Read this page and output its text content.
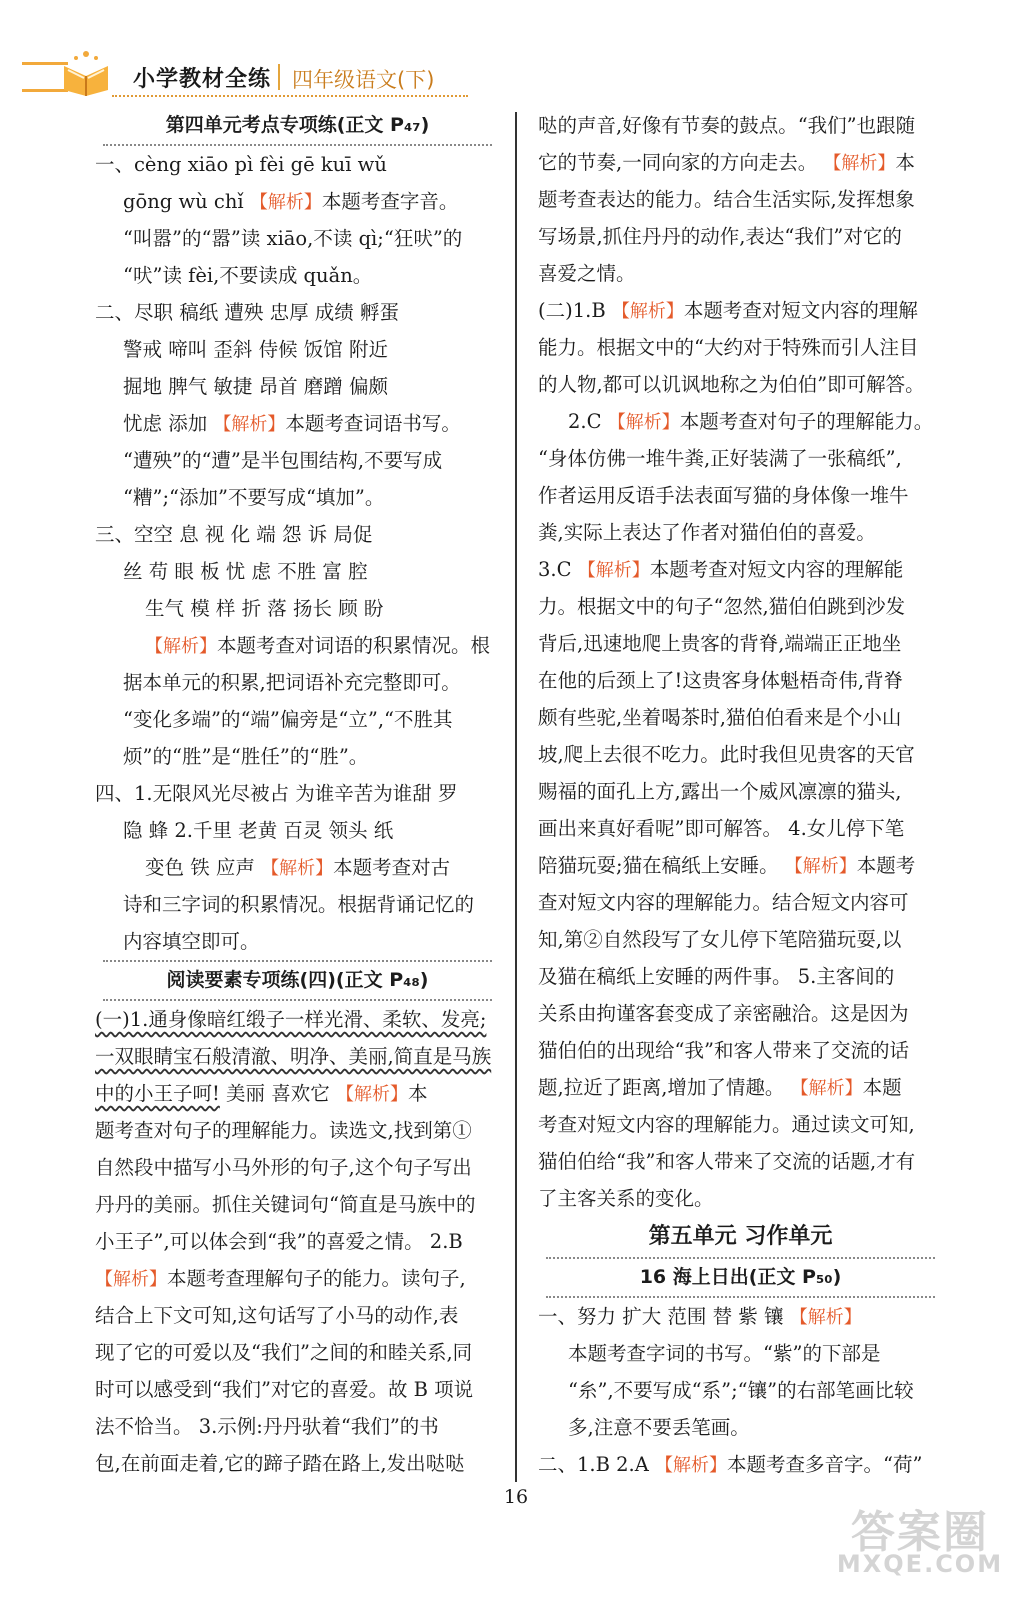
小学教材全练 四年级语文(下)
第四单元考点专项练(正文 P₄₇)
一、cèng xiāo pì fèi gē kuī wǔ
gōng wù chǐ 【解析】本题考查字音。
“叫嚣”的“嚣”读 xiāo,不读 qì;“狂吠”的
“吠”读 fèi,不要读成 quǎn。
二、尽职 稿纸 遭殃 忠厚 成绩 孵蛋
警戒 啼叫 歪斜 侍候 饭馆 附近
掘地 脾气 敏捷 昂首 磨蹭 偏颇
忧虑 添加 【解析】本题考查词语书写。
“遭殃”的“遭”是半包围结构,不要写成
“糟”;“添加”不要写成“填加”。
三、空空 息 视 化 端 怨 诉 局促
丝 苟 眼 板 忧 虑 不胜 富 腔
生气 模 样 折 落 扬长 顾 盼
【解析】本题考查对词语的积累情况。根
据本单元的积累,把词语补充完整即可。
“变化多端”的“端”偏旁是“立”,“不胜其
烦”的“胜”是“胜任”的“胜”。
四、1.无限风光尽被占 为谁辛苦为谁甜 罗
隐 蜂 2.千里 老黄 百灵 领头 纸
变色 铁 应声 【解析】本题考查对古
诗和三字词的积累情况。根据背诵记忆的
内容填空即可。
阅读要素专项练(四)(正文 P₄₈)
(一)1.通身像暗红缎子一样光滑、柔软、发亮;
一双眼睛宝石般清澈、明净、美丽,简直是马族
中的小王子呵! 美丽 喜欢它 【解析】本
题考查对句子的理解能力。读选文,找到第①
自然段中描写小马外形的句子,这个句子写出
丹丹的美丽。抓住关键词句“简直是马族中的
小王子”,可以体会到“我”的喜爱之情。 2.B
【解析】本题考查理解句子的能力。读句子,
结合上下文可知,这句话写了小马的动作,表
现了它的可爱以及“我们”之间的和睦关系,同
时可以感受到“我们”对它的喜爱。故 B 项说
法不恰当。 3.示例:丹丹驮着“我们”的书
包,在前面走着,它的蹄子踏在路上,发出哒哒
哒的声音,好像有节奏的鼓点。“我们”也跟随
它的节奏,一同向家的方向走去。 【解析】本
题考查表达的能力。结合生活实际,发挥想象
写场景,抓住丹丹的动作,表达“我们”对它的
喜爱之情。
(二)1.B 【解析】本题考查对短文内容的理解
能力。根据文中的“大约对于特殊而引人注目
的人物,都可以讥讽地称之为伯伯”即可解答。
2.C 【解析】本题考查对句子的理解能力。
“身体仿佛一堆牛粪,正好装满了一张稿纸”,
作者运用反语手法表面写猫的身体像一堆牛
粪,实际上表达了作者对猫伯伯的喜爱。
3.C 【解析】本题考查对短文内容的理解能
力。根据文中的句子“忽然,猫伯伯跳到沙发
背后,迅速地爬上贵客的背脊,端端正正地坐
在他的后颈上了!这贵客身体魁梧奇伟,背脊
颇有些驼,坐着喝茶时,猫伯伯看来是个小山
坡,爬上去很不吃力。此时我但见贵客的天官
赐福的面孔上方,露出一个威风凛凛的猫头,
画出来真好看呢”即可解答。 4.女儿停下笔
陪猫玩耍;猫在稿纸上安睡。 【解析】本题考
查对短文内容的理解能力。结合短文内容可
知,第②自然段写了女儿停下笔陪猫玩耍,以
及猫在稿纸上安睡的两件事。 5.主客间的
关系由拘谨客套变成了亲密融洽。这是因为
猫伯伯的出现给“我”和客人带来了交流的话
题,拉近了距离,增加了情趣。 【解析】本题
考查对短文内容的理解能力。通过读文可知,
猫伯伯给“我”和客人带来了交流的话题,才有
了主客关系的变化。
第五单元 习作单元
16 海上日出(正文 P₅₀)
一、努力 扩大 范围 替 紫 镶 【解析】
本题考查字词的书写。“紫”的下部是
“糸”,不要写成“系”;“镶”的右部笔画比较
多,注意不要丢笔画。
二、1.B 2.A 【解析】本题考查多音字。“荷”
16
答案圈
MXQE.COM
